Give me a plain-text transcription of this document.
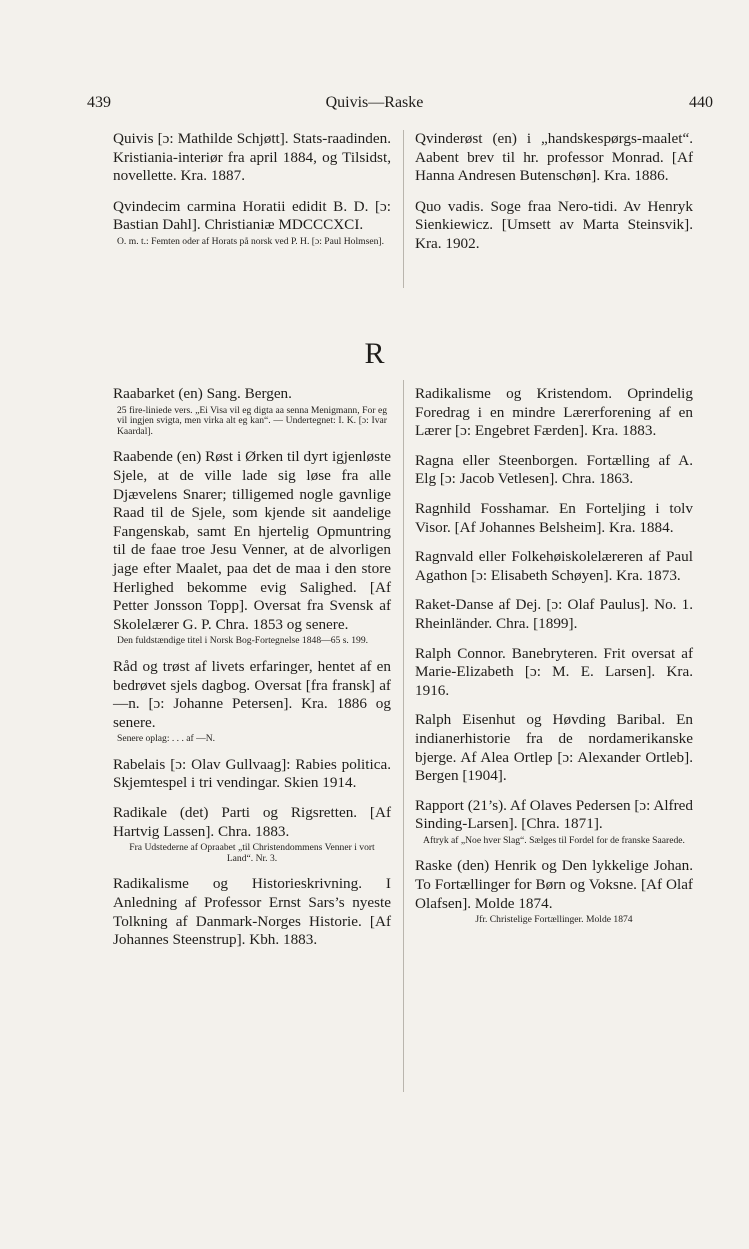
439	Quivis—Raske	440
Quivis [ɔ: Mathilde Schjøtt]. Stats-raadinden. Kristiania-interiør fra april 1884, og Tilsidst, novellette. Kra. 1887.
Qvindecim carmina Horatii edidit B. D. [ɔ: Bastian Dahl]. Christianiæ MDCCCXCI.
O. m. t.: Femten oder af Horats på norsk ved P. H. [ɔ: Paul Holmsen].
Qvinderøst (en) i „handskespørgs-maalet“. Aabent brev til hr. professor Monrad. [Af Hanna Andresen Butenschøn]. Kra. 1886.
Quo vadis. Soge fraa Nero-tidi. Av Henryk Sienkiewicz. [Umsett av Marta Steinsvik]. Kra. 1902.
R
Raabarket (en) Sang. Bergen.
25 fire-liniede vers. „Ei Visa vil eg digta aa senna Menigmann, For eg vil ingjen svigta, men virka alt eg kan“. — Undertegnet: I. K. [ɔ: Ivar Kaardal].
Raabende (en) Røst i Ørken til dyrt igjenløste Sjele, at de ville lade sig løse fra alle Djævelens Snarer; tilligemed nogle gavnlige Raad til de Sjele, som kjende sit aandelige Fangenskab, samt En hjertelig Opmuntring til de faae troe Jesu Venner, at de alvorligen jage efter Maalet, paa det de maa i den store Herlighed bekomme evig Salighed. [Af Petter Jonsson Topp]. Oversat fra Svensk af Skolelærer G. P. Chra. 1853 og senere.
Den fuldstændige titel i Norsk Bog-Fortegnelse 1848—65 s. 199.
Råd og trøst af livets erfaringer, hentet af en bedrøvet sjels dagbog. Oversat [fra fransk] af —n. [ɔ: Johanne Petersen]. Kra. 1886 og senere.
Senere oplag: . . . af —N.
Rabelais [ɔ: Olav Gullvaag]: Rabies politica. Skjemtespel i tri vendingar. Skien 1914.
Radikale (det) Parti og Rigsretten. [Af Hartvig Lassen]. Chra. 1883.
Fra Udstederne af Opraabet „til Christendommens Venner i vort Land“. Nr. 3.
Radikalisme og Historieskrivning. I Anledning af Professor Ernst Sars’s nyeste Tolkning af Danmark-Norges Historie. [Af Johannes Steenstrup]. Kbh. 1883.
Radikalisme og Kristendom. Oprindelig Foredrag i en mindre Lærerforening af en Lærer [ɔ: Engebret Færden]. Kra. 1883.
Ragna eller Steenborgen. Fortælling af A. Elg [ɔ: Jacob Vetlesen]. Chra. 1863.
Ragnhild Fosshamar. En Forteljing i tolv Visor. [Af Johannes Belsheim]. Kra. 1884.
Ragnvald eller Folkehøiskolelæreren af Paul Agathon [ɔ: Elisabeth Schøyen]. Kra. 1873.
Raket-Danse af Dej. [ɔ: Olaf Paulus]. No. 1. Rheinländer. Chra. [1899].
Ralph Connor. Banebryteren. Frit oversat af Marie-Elizabeth [ɔ: M. E. Larsen]. Kra. 1916.
Ralph Eisenhut og Høvding Baribal. En indianerhistorie fra de nordamerikanske bjerge. Af Alea Ortlep [ɔ: Alexander Ortleb]. Bergen [1904].
Rapport (21’s). Af Olaves Pedersen [ɔ: Alfred Sinding-Larsen]. [Chra. 1871].
Aftryk af „Noe hver Slag“. Sælges til Fordel for de franske Saarede.
Raske (den) Henrik og Den lykkelige Johan. To Fortællinger for Børn og Voksne. [Af Olaf Olafsen]. Molde 1874.
Jfr. Christelige Fortællinger. Molde 1874
